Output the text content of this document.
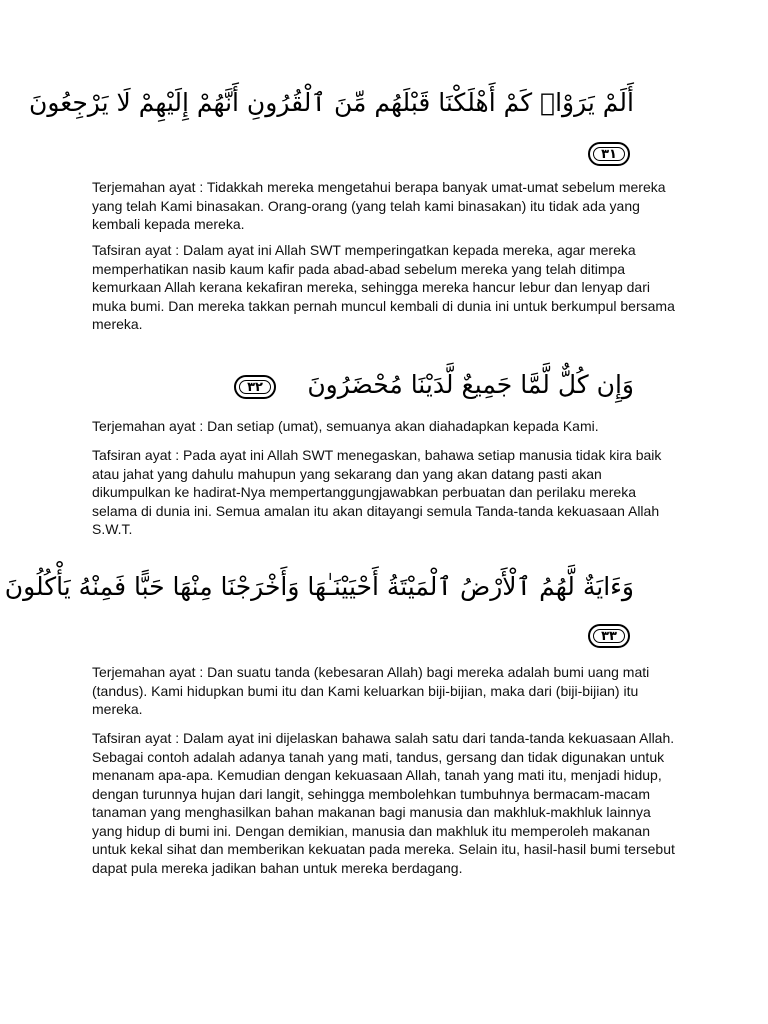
أَلَمْ يَرَوْا۟ كَمْ أَهْلَكْنَا قَبْلَهُم مِّنَ ٱلْقُرُونِ أَنَّهُمْ إِلَيْهِمْ لَا يَرْجِعُونَ
٣١

Terjemahan ayat : Tidakkah mereka mengetahui berapa banyak umat-umat sebelum mereka yang telah Kami binasakan. Orang-orang (yang telah kami binasakan) itu tidak ada yang kembali kepada mereka.

Tafsiran ayat : Dalam ayat ini Allah SWT memperingatkan kepada mereka, agar mereka memperhatikan nasib kaum kafir pada abad-abad sebelum mereka yang telah ditimpa kemurkaan Allah kerana kekafiran mereka, sehingga mereka hancur lebur dan lenyap dari muka bumi. Dan mereka takkan pernah muncul kembali di dunia ini untuk berkumpul bersama mereka.

وَإِن كُلٌّ لَّمَّا جَمِيعٌ لَّدَيْنَا مُحْضَرُونَ
٣٢

Terjemahan ayat : Dan setiap (umat), semuanya akan diahadapkan kepada Kami.

Tafsiran ayat : Pada ayat ini Allah SWT menegaskan, bahawa setiap manusia tidak kira baik atau jahat yang dahulu mahupun yang sekarang dan yang akan datang pasti akan dikumpulkan ke hadirat-Nya mempertanggungjawabkan perbuatan dan perilaku mereka selama di dunia ini. Semua amalan itu akan ditayangi semula Tanda-tanda kekuasaan Allah S.W.T.

وَءَايَةٌ لَّهُمُ ٱلْأَرْضُ ٱلْمَيْتَةُ أَحْيَيْنَـٰهَا وَأَخْرَجْنَا مِنْهَا حَبًّا فَمِنْهُ يَأْكُلُونَ
٣٣

Terjemahan ayat : Dan suatu tanda (kebesaran Allah) bagi mereka adalah bumi uang mati (tandus). Kami hidupkan bumi itu dan Kami keluarkan biji-bijian, maka dari (biji-bijian) itu mereka.

Tafsiran ayat : Dalam ayat ini dijelaskan bahawa salah satu dari tanda-tanda kekuasaan Allah. Sebagai contoh adalah adanya tanah yang mati, tandus, gersang dan tidak digunakan untuk menanam apa-apa. Kemudian dengan kekuasaan Allah, tanah yang mati itu, menjadi hidup, dengan turunnya hujan dari langit, sehingga membolehkan tumbuhnya bermacam-macam tanaman yang menghasilkan bahan makanan bagi manusia dan makhluk-makhluk lainnya yang hidup di bumi ini. Dengan demikian, manusia dan makhluk itu memperoleh makanan untuk kekal sihat dan memberikan kekuatan pada mereka. Selain itu, hasil-hasil bumi tersebut dapat pula mereka jadikan bahan untuk mereka berdagang.
